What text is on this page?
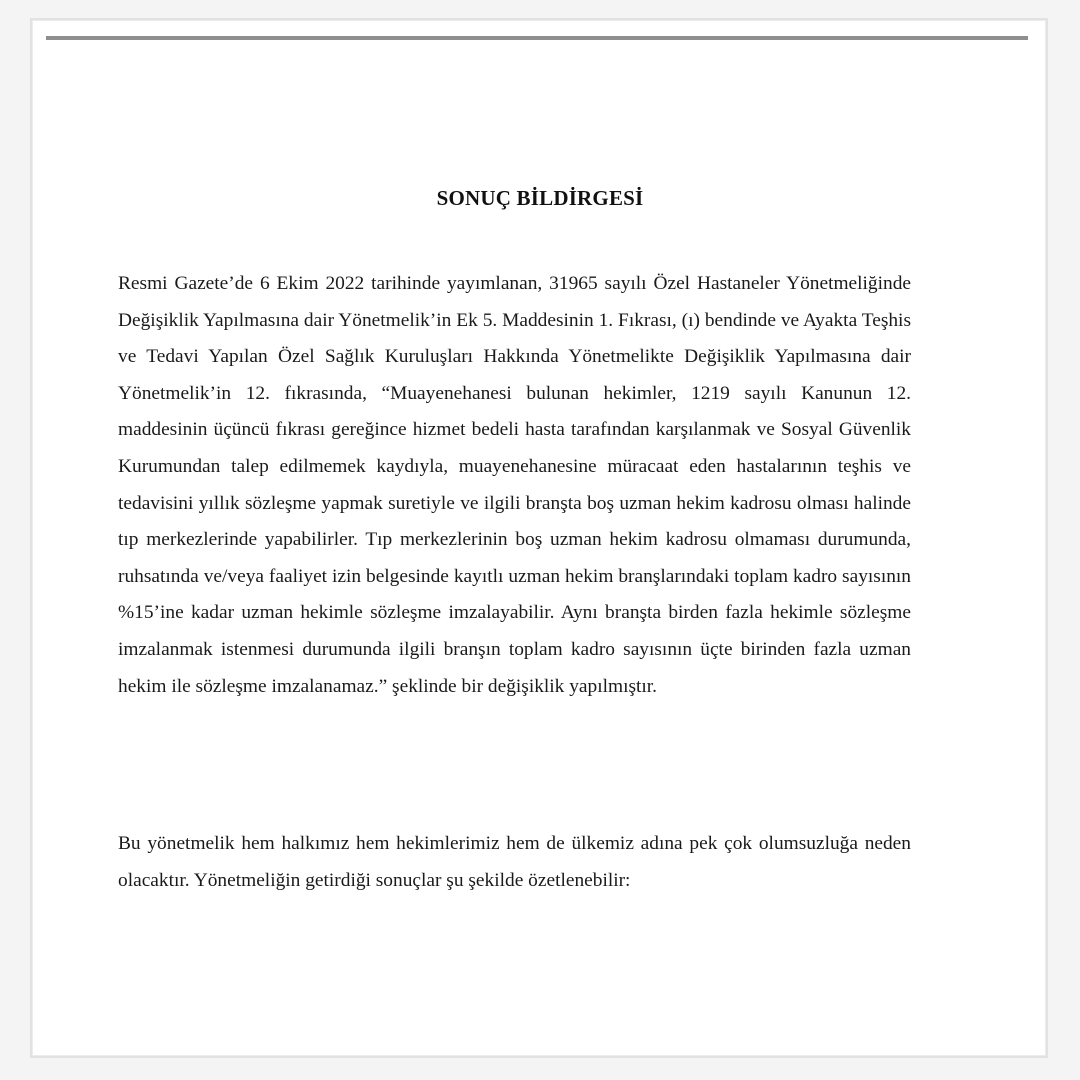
SONUÇ BİLDİRGESİ
Resmi Gazete’de 6 Ekim 2022 tarihinde yayımlanan, 31965 sayılı Özel Hastaneler Yönetmeliğinde Değişiklik Yapılmasına dair Yönetmelik’in Ek 5. Maddesinin 1. Fıkrası, (ı) bendinde ve Ayakta Teşhis ve Tedavi Yapılan Özel Sağlık Kuruluşları Hakkında Yönetmelikte Değişiklik Yapılmasına dair Yönetmelik’in 12. fıkrasında, “Muayenehanesi bulunan hekimler, 1219 sayılı Kanunun 12. maddesinin üçüncü fıkrası gereğince hizmet bedeli hasta tarafından karşılanmak ve Sosyal Güvenlik Kurumundan talep edilmemek kaydıyla, muayenehanesine müracaat eden hastalarının teşhis ve tedavisini yıllık sözleşme yapmak suretiyle ve ilgili branşta boş uzman hekim kadrosu olması halinde tıp merkezlerinde yapabilirler. Tıp merkezlerinin boş uzman hekim kadrosu olmaması durumunda, ruhsatında ve/veya faaliyet izin belgesinde kayıtlı uzman hekim branşlarındaki toplam kadro sayısının %15’ine kadar uzman hekimle sözleşme imzalayabilir. Aynı branşta birden fazla hekimle sözleşme imzalanmak istenmesi durumunda ilgili branşın toplam kadro sayısının üçte birinden fazla uzman hekim ile sözleşme imzalanamaz.” şeklinde bir değişiklik yapılmıştır.
Bu yönetmelik hem halkımız hem hekimlerimiz hem de ülkemiz adına pek çok olumsuzluğa neden olacaktır. Yönetmeliğin getirdiği sonuçlar şu şekilde özetlenebilir:
